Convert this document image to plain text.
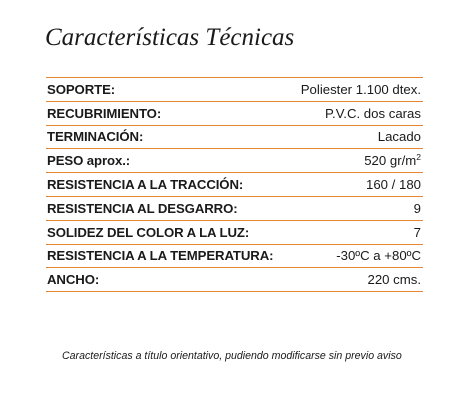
Características Técnicas
SOPORTE:	Poliester 1.100 dtex.
RECUBRIMIENTO:	P.V.C. dos caras
TERMINACIÓN:	Lacado
PESO aprox.:	520 $gr/m^2$
RESISTENCIA A LA TRACCIÓN:	160 / 180
RESISTENCIA AL DESGARRO:	9
SOLIDEZ DEL COLOR A LA LUZ:	7
RESISTENCIA A LA TEMPERATURA:	-30ºC a +80ºC
ANCHO:	220 cms.
Características a título orientativo, pudiendo modificarse sin previo aviso
